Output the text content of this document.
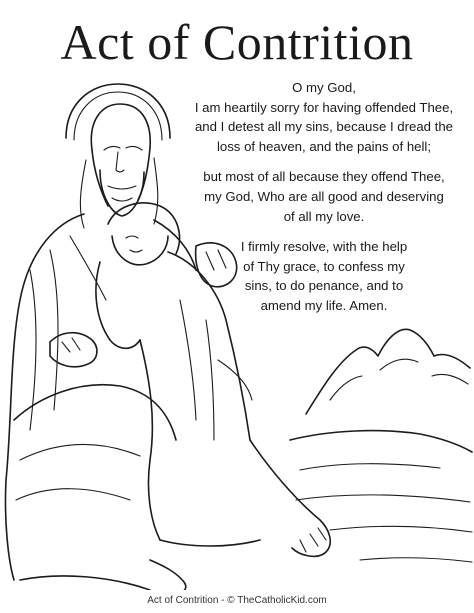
Act of Contrition
O my God,
I am heartily sorry for having offended Thee,
and I detest all my sins, because I dread the
loss of heaven, and the pains of hell;
but most of all because they offend Thee,
my God, Who are all good and deserving
of all my love.
I firmly resolve, with the help
of Thy grace, to confess my
sins, to do penance, and to
amend my life. Amen.
Act of Contrition - © TheCatholicKid.com
